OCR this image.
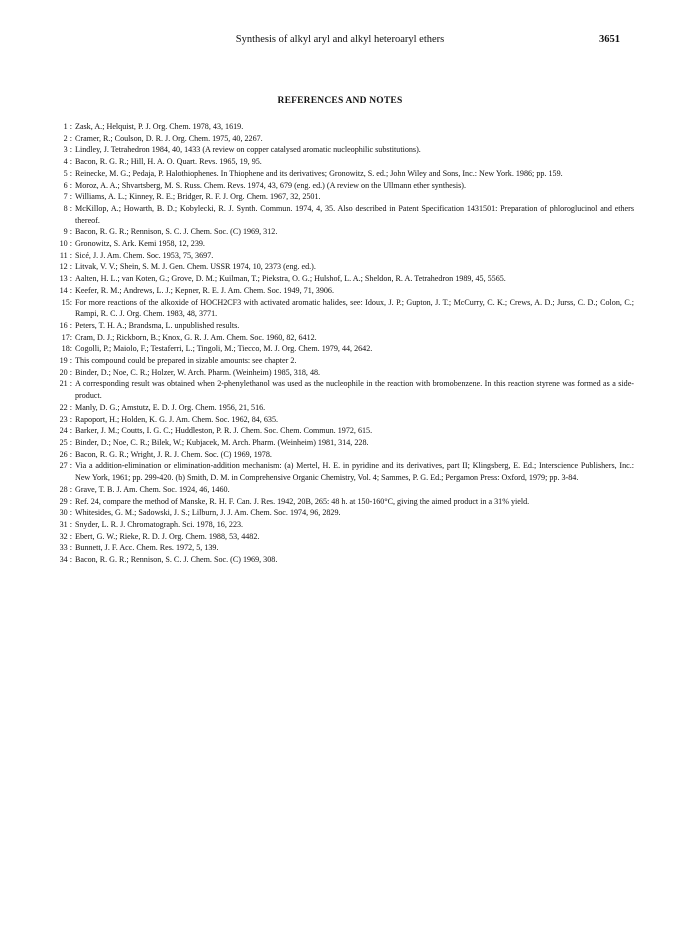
Synthesis of alkyl aryl and alkyl heteroaryl ethers	3651
REFERENCES AND NOTES
1 : Zask, A.; Helquist, P. J. Org. Chem. 1978, 43, 1619.
2 : Cramer, R.; Coulson, D. R. J. Org. Chem. 1975, 40, 2267.
3 : Lindley, J. Tetrahedron 1984, 40, 1433 (A review on copper catalysed aromatic nucleophilic substitutions).
4 : Bacon, R. G. R.; Hill, H. A. O. Quart. Revs. 1965, 19, 95.
5 : Reinecke, M. G.; Pedaja, P. Halothiophenes. In Thiophene and its derivatives; Gronowitz, S. ed.; John Wiley and Sons, Inc.: New York. 1986; pp. 159.
6 : Moroz, A. A.; Shvartsberg, M. S. Russ. Chem. Revs. 1974, 43, 679 (eng. ed.) (A review on the Ullmann ether synthesis).
7 : Williams, A. L.; Kinney, R. E.; Bridger, R. F. J. Org. Chem. 1967, 32, 2501.
8 : McKillop, A.; Howarth, B. D.; Kobylecki, R. J. Synth. Commun. 1974, 4, 35. Also described in Patent Specification 1431501: Preparation of phloroglucinol and ethers thereof.
9 : Bacon, R. G. R.; Rennison, S. C. J. Chem. Soc. (C) 1969, 312.
10 : Gronowitz, S. Ark. Kemi 1958, 12, 239.
11 : Sicé, J. J. Am. Chem. Soc. 1953, 75, 3697.
12 : Litvak, V. V.; Shein, S. M. J. Gen. Chem. USSR 1974, 10, 2373 (eng. ed.).
13 : Aalten, H. L.; van Koten, G.; Grove, D. M.; Kuilman, T.; Piekstra, O. G.; Hulshof, L. A.; Sheldon, R. A. Tetrahedron 1989, 45, 5565.
14 : Keefer, R. M.; Andrews, L. J.; Kepner, R. E. J. Am. Chem. Soc. 1949, 71, 3906.
15: For more reactions of the alkoxide of HOCH2CF3 with activated aromatic halides, see: Idoux, J. P.; Gupton, J. T.; McCurry, C. K.; Crews, A. D.; Jurss, C. D.; Colon, C.; Rampi, R. C. J. Org. Chem. 1983, 48, 3771.
16 : Peters, T. H. A.; Brandsma, L. unpublished results.
17: Cram, D. J.; Rickborn, B.; Knox, G. R. J. Am. Chem. Soc. 1960, 82, 6412.
18: Cogolli, P.; Maiolo, F.; Testaferri, L.; Tingoli, M.; Tiecco, M. J. Org. Chem. 1979, 44, 2642.
19 : This compound could be prepared in sizable amounts: see chapter 2.
20 : Binder, D.; Noe, C. R.; Holzer, W. Arch. Pharm. (Weinheim) 1985, 318, 48.
21 : A corresponding result was obtained when 2-phenylethanol was used as the nucleophile in the reaction with bromobenzene. In this reaction styrene was formed as a side-product.
22 : Manly, D. G.; Amstutz, E. D. J. Org. Chem. 1956, 21, 516.
23 : Rapoport, H.; Holden, K. G. J. Am. Chem. Soc. 1962, 84, 635.
24 : Barker, J. M.; Coutts, I. G. C.; Huddleston, P. R. J. Chem. Soc. Chem. Commun. 1972, 615.
25 : Binder, D.; Noe, C. R.; Bilek, W.; Kubjacek, M. Arch. Pharm. (Weinheim) 1981, 314, 228.
26 : Bacon, R. G. R.; Wright, J. R. J. Chem. Soc. (C) 1969, 1978.
27 : Via a addition-elimination or elimination-addition mechanism: (a) Mertel, H. E. in pyridine and its derivatives, part II; Klingsberg, E. Ed.; Interscience Publishers, Inc.: New York, 1961; pp. 299-420. (b) Smith, D. M. in Comprehensive Organic Chemistry, Vol. 4; Sammes, P. G. Ed.; Pergamon Press: Oxford, 1979; pp. 3-84.
28 : Grave, T. B. J. Am. Chem. Soc. 1924, 46, 1460.
29 : Ref. 24, compare the method of Manske, R. H. F. Can. J. Res. 1942, 20B, 265: 48 h. at 150-160°C, giving the aimed product in a 31% yield.
30 : Whitesides, G. M.; Sadowski, J. S.; Lilburn, J. J. Am. Chem. Soc. 1974, 96, 2829.
31 : Snyder, L. R. J. Chromatograph. Sci. 1978, 16, 223.
32 : Ebert, G. W.; Rieke, R. D. J. Org. Chem. 1988, 53, 4482.
33 : Bunnett, J. F. Acc. Chem. Res. 1972, 5, 139.
34 : Bacon, R. G. R.; Rennison, S. C. J. Chem. Soc. (C) 1969, 308.
